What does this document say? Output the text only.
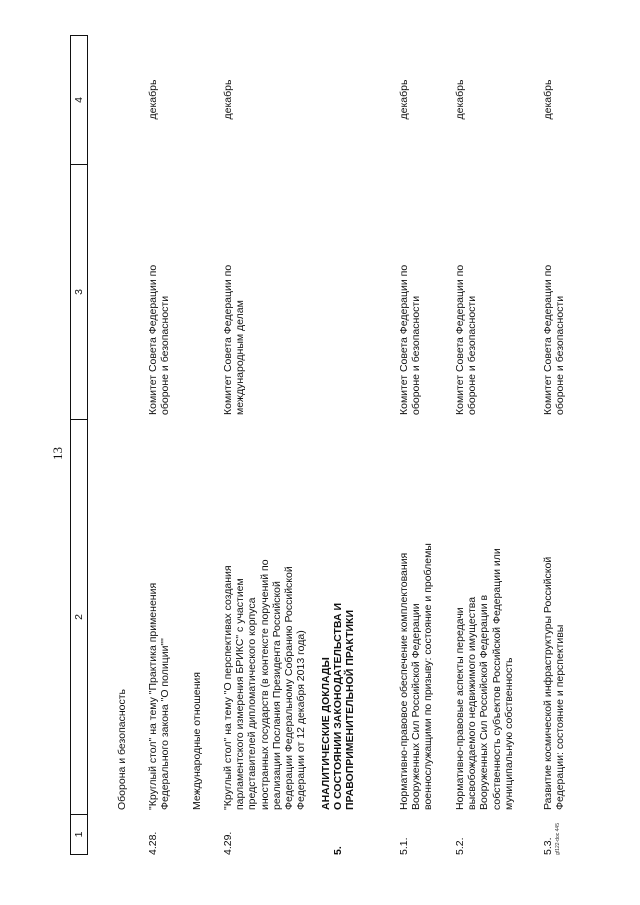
13
1
2
3
4
Оборона и безопасность
4.28.
"Круглый стол" на тему "Практика применения
Федерального закона "О полиции""
Комитет Совета Федерации по
обороне и безопасности
декабрь
Международные отношения
4.29.
"Круглый стол" на тему "О перспективах создания
парламентского измерения БРИКС" с участием
представителей дипломатического корпуса
иностранных государств (в контексте поручений по
реализации Послания Президента Российской
Федерации Федеральному Собранию Российской
Федерации от 12 декабря 2013 года)
Комитет Совета Федерации по
международным делам
декабрь
5.
АНАЛИТИЧЕСКИЕ ДОКЛАДЫ
О СОСТОЯНИИ ЗАКОНОДАТЕЛЬСТВА И
ПРАВОПРИМЕНИТЕЛЬНОЙ ПРАКТИКИ
5.1.
Нормативно-правовое обеспечение комплектования
Вооруженных Сил Российской Федерации
военнослужащими по призыву: состояние и проблемы
Комитет Совета Федерации по
обороне и безопасности
декабрь
5.2.
Нормативно-правовые аспекты передачи
высвобождаемого недвижимого имущества
Вооруженных Сил Российской Федерации в
собственность субъектов Российской Федерации или
муниципальную собственность
Комитет Совета Федерации по
обороне и безопасности
декабрь
5.3.
Развитие космической инфраструктуры Российской
Федерации: состояние и перспективы
Комитет Совета Федерации по
обороне и безопасности
декабрь
gf122-doc 445
